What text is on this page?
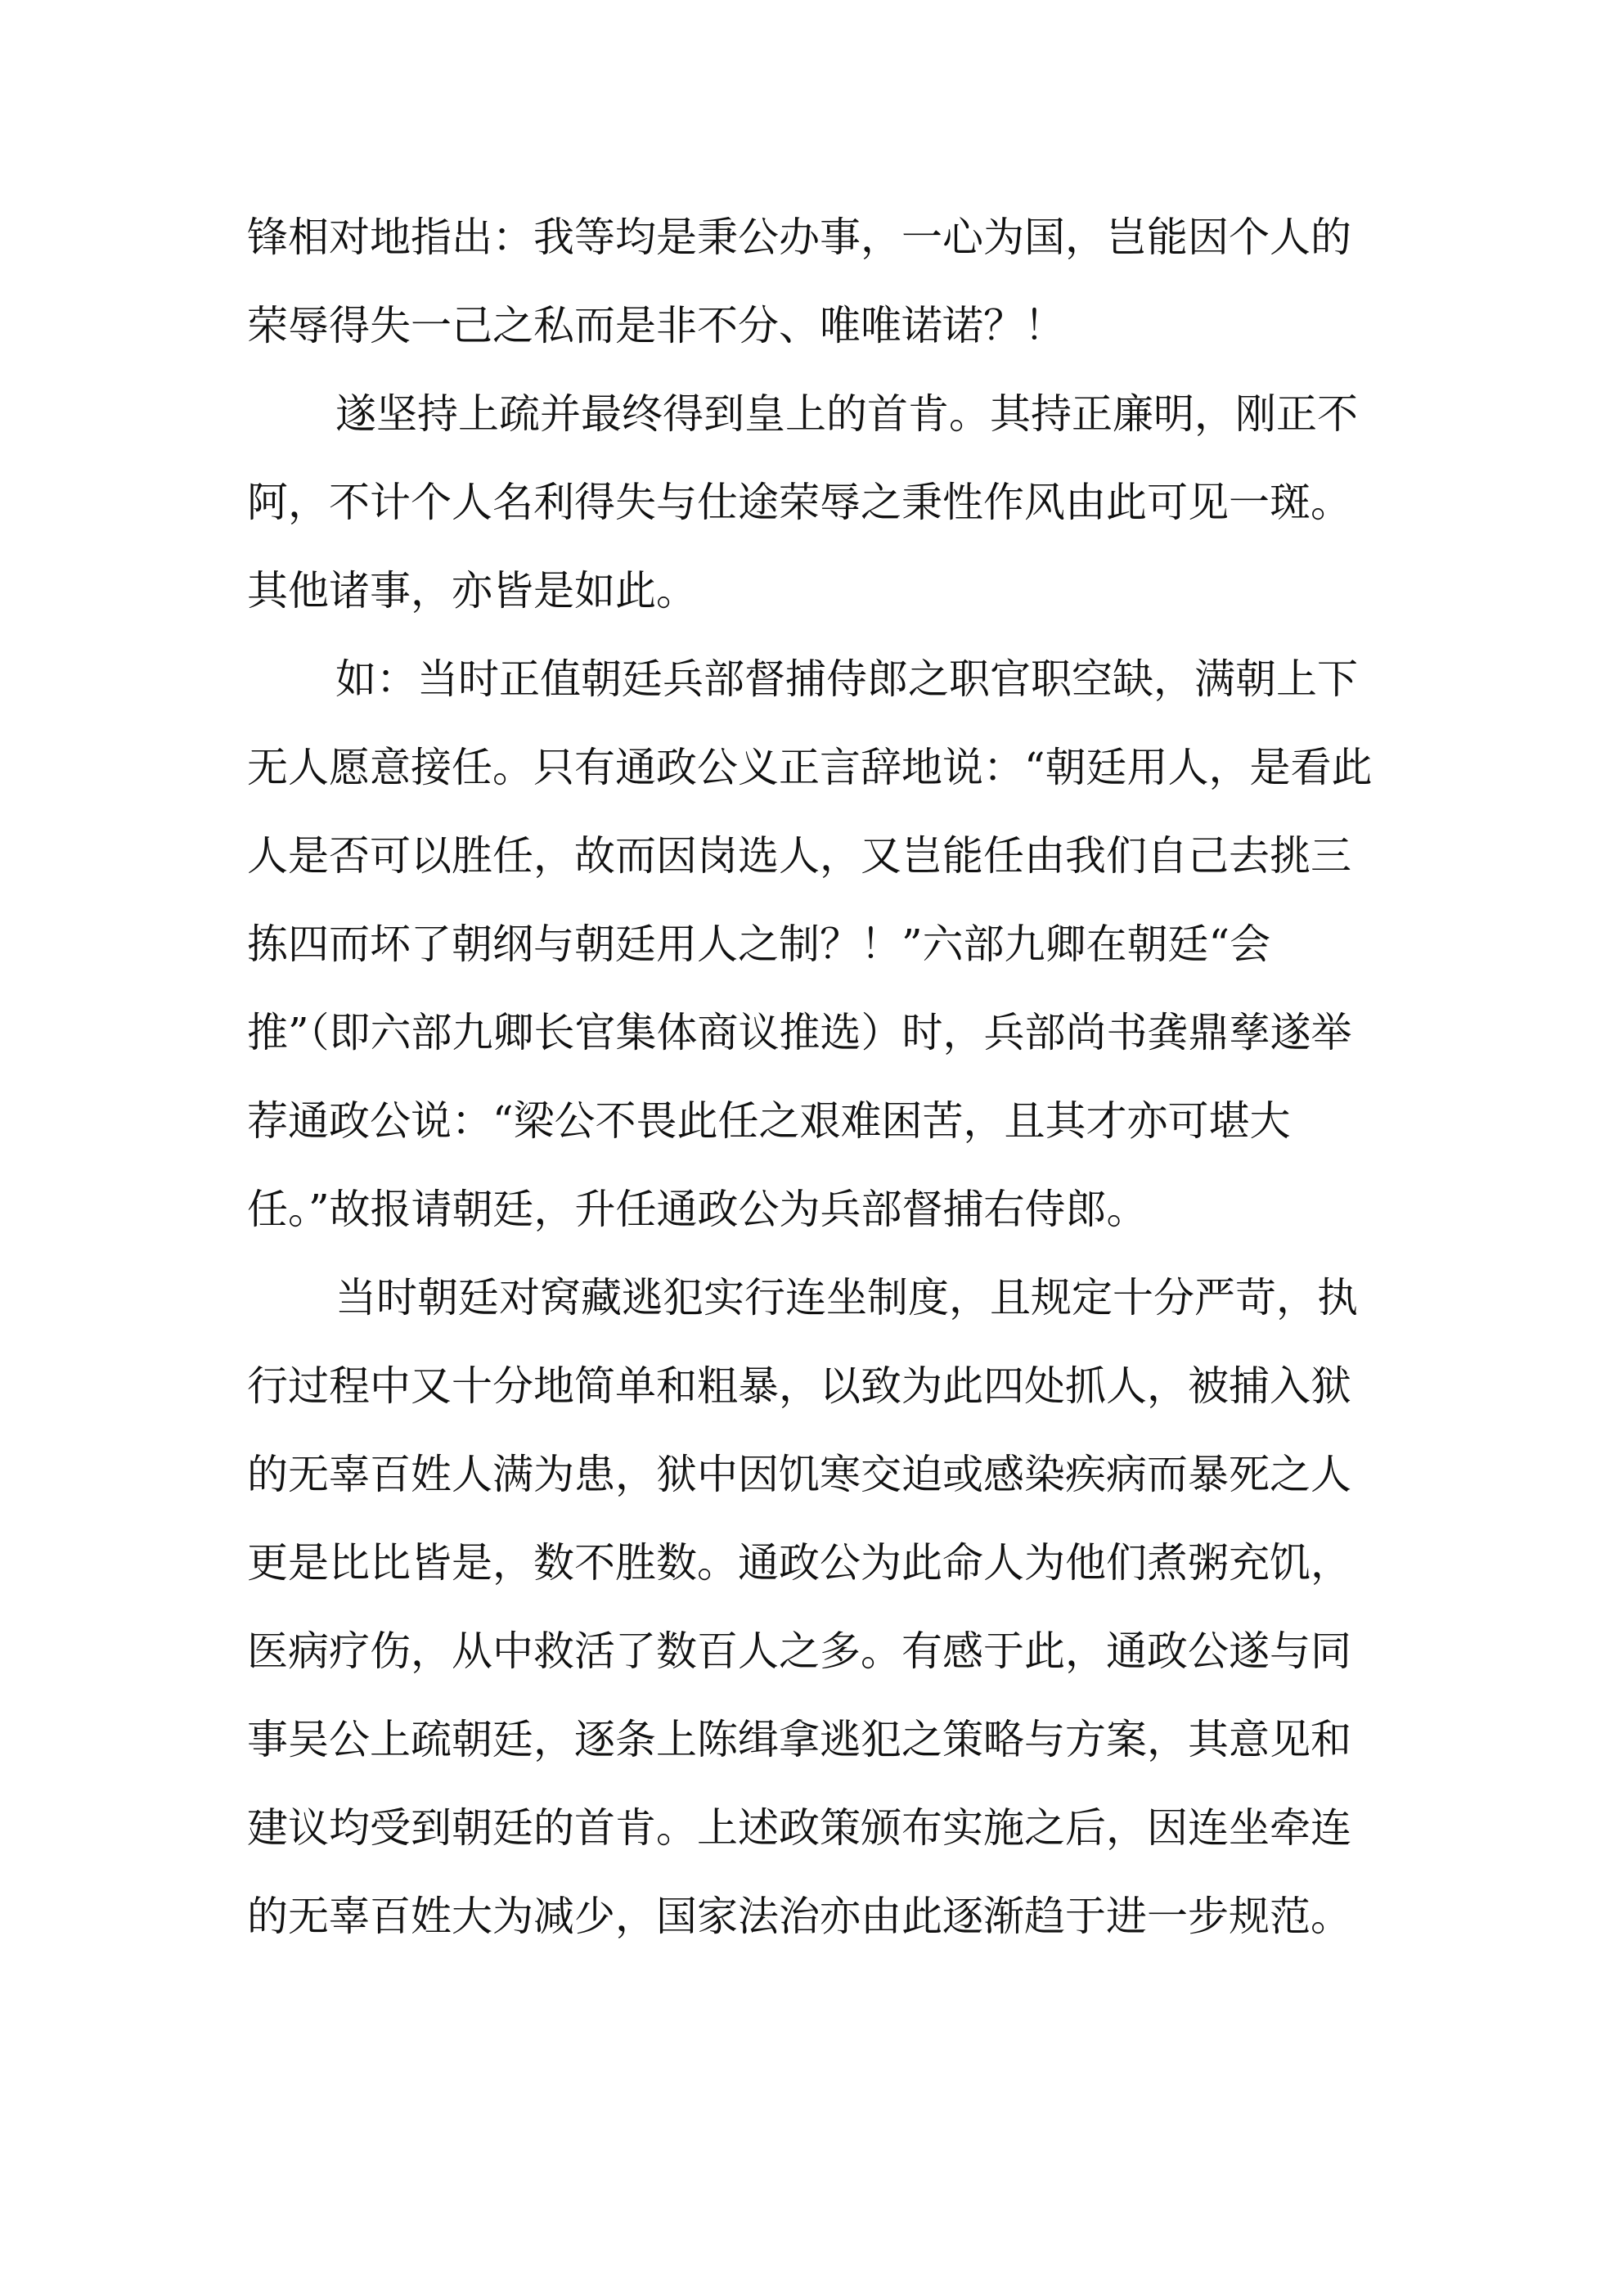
锋相对地指出：我等均是秉公办事，一心为国，岂能因个人的荣辱得失一己之私而是非不分、唯唯诺诺？！

遂坚持上疏并最终得到皇上的首肯。其持正廉明，刚正不阿，不计个人名利得失与仕途荣辱之秉性作风由此可见一斑。其他诸事，亦皆是如此。

如：当时正值朝廷兵部督捕侍郎之职官职空缺，满朝上下无人愿意接任。只有通政公义正言辞地说：“朝廷用人，是看此人是否可以胜任，故而因岗选人，又岂能任由我们自己去挑三拣四而坏了朝纲与朝廷用人之制？！”六部九卿在朝廷“会推”（即六部九卿长官集体商议推选）时，兵部尚书龚鼎孳遂举荐通政公说：“梁公不畏此任之艰难困苦，且其才亦可堪大任。”故报请朝廷，升任通政公为兵部督捕右侍郎。

当时朝廷对窝藏逃犯实行连坐制度，且规定十分严苛，执行过程中又十分地简单和粗暴，以致为此四处抓人，被捕入狱的无辜百姓人满为患，狱中因饥寒交迫或感染疾病而暴死之人更是比比皆是，数不胜数。通政公为此命人为他们煮粥充饥，医病疗伤，从中救活了数百人之多。有感于此，通政公遂与同事吴公上疏朝廷，逐条上陈缉拿逃犯之策略与方案，其意见和建议均受到朝廷的首肯。上述政策颁布实施之后，因连坐牵连的无辜百姓大为减少，国家法治亦由此逐渐趋于进一步规范。
